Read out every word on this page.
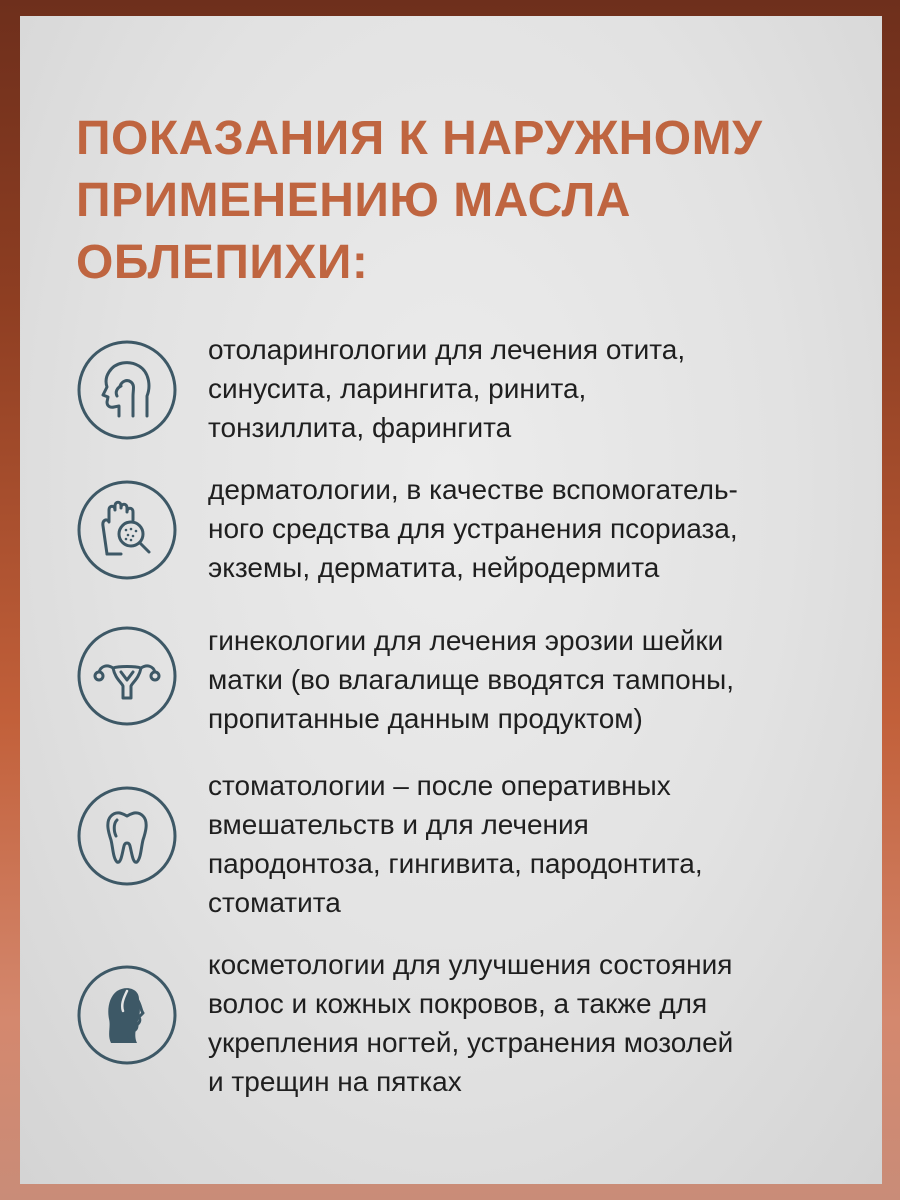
ПОКАЗАНИЯ К НАРУЖНОМУ
ПРИМЕНЕНИЮ МАСЛА
ОБЛЕПИХИ:
отоларингологии для лечения отита,
синусита, ларингита, ринита,
тонзиллита, фарингита
дерматологии, в качестве вспомогатель-
ного средства для устранения псориаза,
экземы, дерматита, нейродермита
гинекологии для лечения эрозии шейки
матки (во влагалище вводятся тампоны,
пропитанные данным продуктом)
стоматологии – после оперативных
вмешательств и для лечения
пародонтоза, гингивита, пародонтита,
стоматита
косметологии для улучшения состояния
волос и кожных покровов, а также для
укрепления ногтей, устранения мозолей
и трещин на пятках
